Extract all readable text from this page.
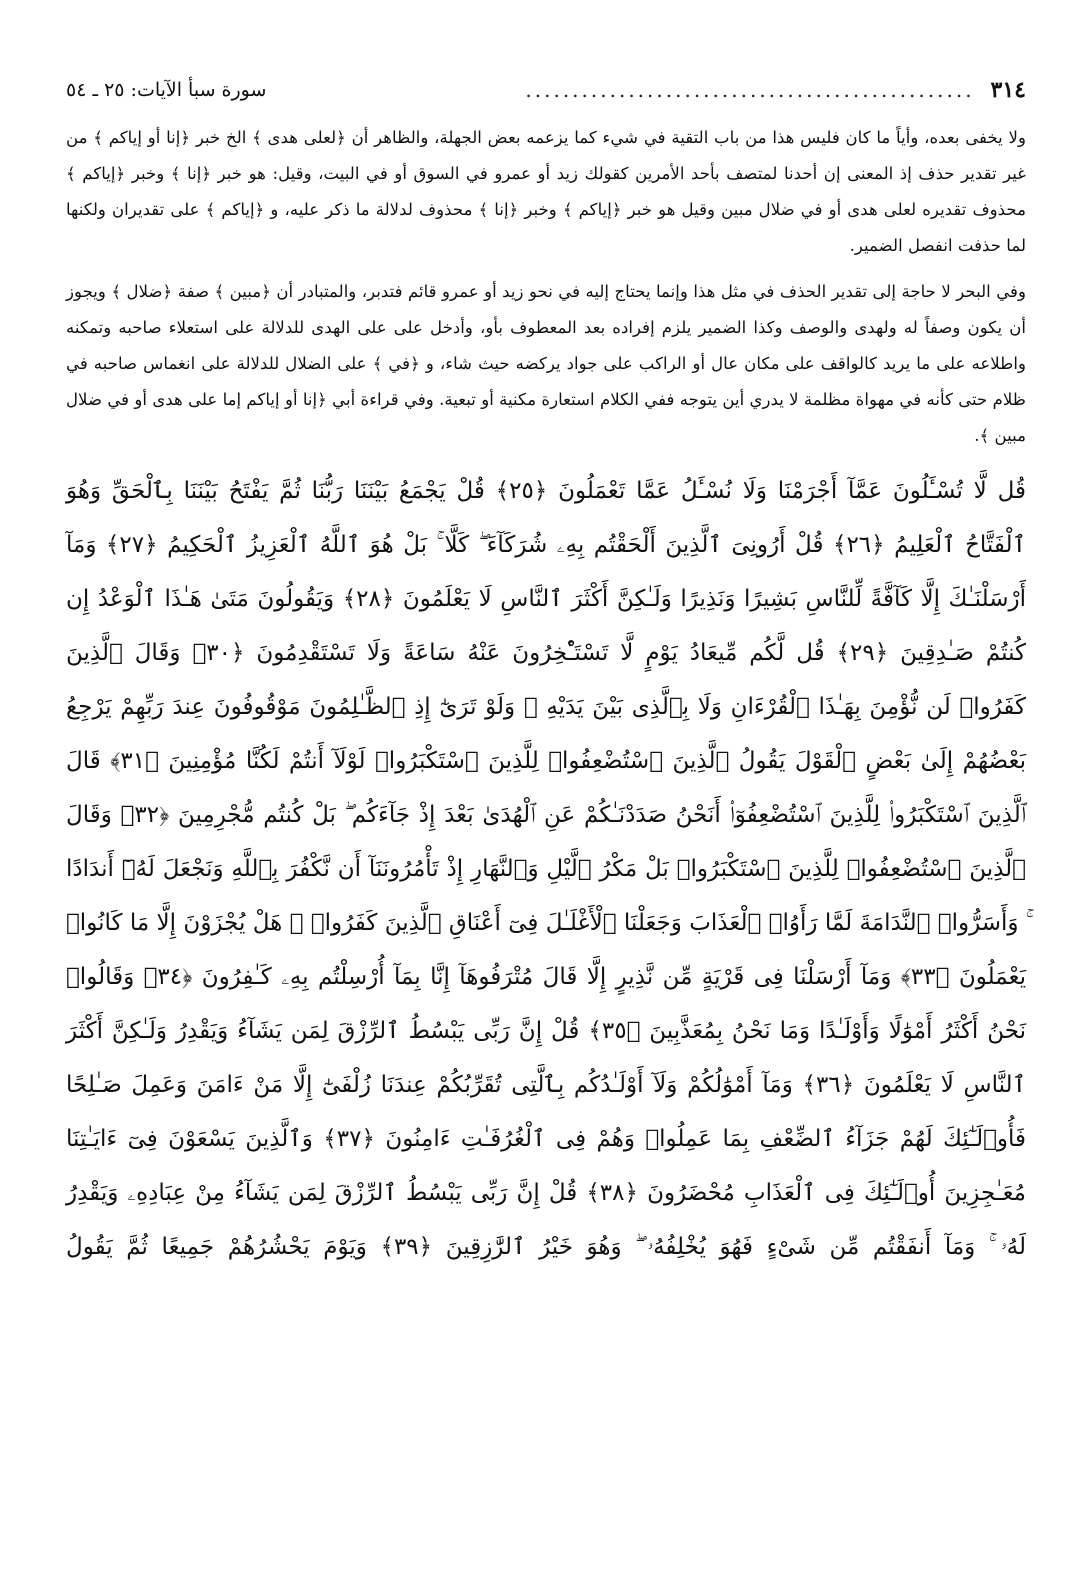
٣١٤
................................................
سورة سبأ الآيات: ٢٥ ـ ٥٤

ولا يخفى بعده، وأياً ما كان فليس هذا من باب التقية في شيء كما يزعمه بعض الجهلة، والظاهر أن ﴿لعلى هدى ﴾ الخ خبر ﴿إنا أو إياكم ﴾ من غير تقدير حذف إذ المعنى إن أحدنا لمتصف بأحد الأمرين كقولك زيد أو عمرو في السوق أو في البيت، وقيل: هو خبر ﴿إنا ﴾ وخبر ﴿إياكم ﴾ محذوف تقديره لعلى هدى أو في ضلال مبين وقيل هو خبر ﴿إياكم ﴾ وخبر ﴿إنا ﴾ محذوف لدلالة ما ذكر عليه، و ﴿إياكم ﴾ على تقديران ولكنها لما حذفت انفصل الضمير.

وفي البحر لا حاجة إلى تقدير الحذف في مثل هذا وإنما يحتاج إليه في نحو زيد أو عمرو قائم فتدبر، والمتبادر أن ﴿مبين ﴾ صفة ﴿ضلال ﴾ ويجوز أن يكون وصفاً له ولهدى والوصف وكذا الضمير يلزم إفراده بعد المعطوف بأو، وأدخل على على الهدى للدلالة على استعلاء صاحبه وتمكنه واطلاعه على ما يريد كالواقف على مكان عال أو الراكب على جواد يركضه حيث شاء، و ﴿في ﴾ على الضلال للدلالة على انغماس صاحبه في ظلام حتى كأنه في مهواة مظلمة لا يدري أين يتوجه ففي الكلام استعارة مكنية أو تبعية. وفي قراءة أبي ﴿إنا أو إياكم إما على هدى أو في ضلال مبين ﴾.

قُل لَّا تُسْـَٔلُونَ عَمَّآ أَجْرَمْنَا وَلَا نُسْـَٔلُ عَمَّا تَعْمَلُونَ ﴿٢٥﴾ قُلْ يَجْمَعُ بَيْنَنَا رَبُّنَا ثُمَّ يَفْتَحُ بَيْنَنَا بِٱلْحَقِّ وَهُوَ ٱلْفَتَّاحُ ٱلْعَلِيمُ ﴿٢٦﴾ قُلْ أَرُونِىَ ٱلَّذِينَ أَلْحَقْتُم بِهِۦ شُرَكَآءَ ۖ كَلَّا ۚ بَلْ هُوَ ٱللَّهُ ٱلْعَزِيزُ ٱلْحَكِيمُ ﴿٢٧﴾ وَمَآ أَرْسَلْنَـٰكَ إِلَّا كَآفَّةً لِّلنَّاسِ بَشِيرًا وَنَذِيرًا وَلَـٰكِنَّ أَكْثَرَ ٱلنَّاسِ لَا يَعْلَمُونَ ﴿٢٨﴾ وَيَقُولُونَ مَتَىٰ هَـٰذَا ٱلْوَعْدُ إِن كُنتُمْ صَـٰدِقِينَ ﴿٢٩﴾ قُل لَّكُم مِّيعَادُ يَوْمٍ لَّا تَسْتَـْٔخِرُونَ عَنْهُ سَاعَةً وَلَا تَسْتَقْدِمُونَ ﴿٣٠﴾ وَقَالَ ٱلَّذِينَ كَفَرُوا۟ لَن نُّؤْمِنَ بِهَـٰذَا ٱلْقُرْءَانِ وَلَا بِٱلَّذِى بَيْنَ يَدَيْهِ ۗ وَلَوْ تَرَىٰٓ إِذِ ٱلظَّـٰلِمُونَ مَوْقُوفُونَ عِندَ رَبِّهِمْ يَرْجِعُ بَعْضُهُمْ إِلَىٰ بَعْضٍ ٱلْقَوْلَ يَقُولُ ٱلَّذِينَ ٱسْتُضْعِفُوا۟ لِلَّذِينَ ٱسْتَكْبَرُوا۟ لَوْلَآ أَنتُمْ لَكُنَّا مُؤْمِنِينَ ﴿٣١﴾ قَالَ ٱلَّذِينَ ٱسْتَكْبَرُوا۟ لِلَّذِينَ ٱسْتُضْعِفُوٓا۟ أَنَحْنُ صَدَدْنَـٰكُمْ عَنِ ٱلْهُدَىٰ بَعْدَ إِذْ جَآءَكُم ۖ بَلْ كُنتُم مُّجْرِمِينَ ﴿٣٢﴾ وَقَالَ ٱلَّذِينَ ٱسْتُضْعِفُوا۟ لِلَّذِينَ ٱسْتَكْبَرُوا۟ بَلْ مَكْرُ ٱلَّيْلِ وَٱلنَّهَارِ إِذْ تَأْمُرُونَنَآ أَن نَّكْفُرَ بِٱللَّهِ وَنَجْعَلَ لَهُۥٓ أَندَادًا ۚ وَأَسَرُّوا۟ ٱلنَّدَامَةَ لَمَّا رَأَوُا۟ ٱلْعَذَابَ وَجَعَلْنَا ٱلْأَغْلَـٰلَ فِىٓ أَعْنَاقِ ٱلَّذِينَ كَفَرُوا۟ ۚ هَلْ يُجْزَوْنَ إِلَّا مَا كَانُوا۟ يَعْمَلُونَ ﴿٣٣﴾ وَمَآ أَرْسَلْنَا فِى قَرْيَةٍ مِّن نَّذِيرٍ إِلَّا قَالَ مُتْرَفُوهَآ إِنَّا بِمَآ أُرْسِلْتُم بِهِۦ كَـٰفِرُونَ ﴿٣٤﴾ وَقَالُوا۟ نَحْنُ أَكْثَرُ أَمْوَٰلًا وَأَوْلَـٰدًا وَمَا نَحْنُ بِمُعَذَّبِينَ ﴿٣٥﴾ قُلْ إِنَّ رَبِّى يَبْسُطُ ٱلرِّزْقَ لِمَن يَشَآءُ وَيَقْدِرُ وَلَـٰكِنَّ أَكْثَرَ ٱلنَّاسِ لَا يَعْلَمُونَ ﴿٣٦﴾ وَمَآ أَمْوَٰلُكُمْ وَلَآ أَوْلَـٰدُكُم بِٱلَّتِى تُقَرِّبُكُمْ عِندَنَا زُلْفَىٰٓ إِلَّا مَنْ ءَامَنَ وَعَمِلَ صَـٰلِحًا فَأُو۟لَـٰٓئِكَ لَهُمْ جَزَآءُ ٱلضِّعْفِ بِمَا عَمِلُوا۟ وَهُمْ فِى ٱلْغُرُفَـٰتِ ءَامِنُونَ ﴿٣٧﴾ وَٱلَّذِينَ يَسْعَوْنَ فِىٓ ءَايَـٰتِنَا مُعَـٰجِزِينَ أُو۟لَـٰٓئِكَ فِى ٱلْعَذَابِ مُحْضَرُونَ ﴿٣٨﴾ قُلْ إِنَّ رَبِّى يَبْسُطُ ٱلرِّزْقَ لِمَن يَشَآءُ مِنْ عِبَادِهِۦ وَيَقْدِرُ لَهُۥ ۚ وَمَآ أَنفَقْتُم مِّن شَىْءٍ فَهُوَ يُخْلِفُهُۥ ۖ وَهُوَ خَيْرُ ٱلرَّٰزِقِينَ ﴿٣٩﴾ وَيَوْمَ يَحْشُرُهُمْ جَمِيعًا ثُمَّ يَقُولُ
